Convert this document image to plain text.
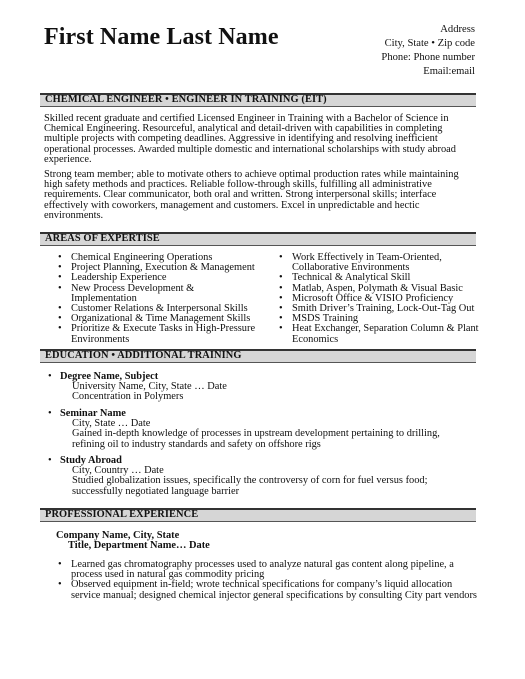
First Name Last Name	Address
City, State • Zip code
Phone: Phone number
Email:email
CHEMICAL ENGINEER • ENGINEER IN TRAINING (EIT)
Skilled recent graduate and certified Licensed Engineer in Training with a Bachelor of Science in
Chemical Engineering. Resourceful, analytical and detail-driven with capabilities in completing
multiple projects with competing deadlines. Aggressive in identifying and resolving inefficient
operational processes. Awarded multiple domestic and international scholarships with study abroad
experience.
Strong team member; able to motivate others to achieve optimal production rates while maintaining
high safety methods and practices. Reliable follow-through skills, fulfilling all administrative
requirements. Clear communicator, both oral and written. Strong interpersonal skills; interface
effectively with coworkers, management and customers. Excel in unpredictable and hectic
environments.
AREAS OF EXPERTISE
• Chemical Engineering Operations
• Project Planning, Execution & Management
• Leadership Experience
• New Process Development &
Implementation
• Customer Relations & Interpersonal Skills
• Organizational & Time Management Skills
• Prioritize & Execute Tasks in High-Pressure
Environments
• Work Effectively in Team-Oriented,
Collaborative Environments
• Technical & Analytical Skill
• Matlab, Aspen, Polymath & Visual Basic
• Microsoft Office & VISIO Proficiency
• Smith Driver’s Training, Lock-Out-Tag Out
• MSDS Training
• Heat Exchanger, Separation Column & Plant
Economics
EDUCATION • ADDITIONAL TRAINING
• Degree Name, Subject
University Name, City, State … Date
Concentration in Polymers
• Seminar Name
City, State … Date
Gained in-depth knowledge of processes in upstream development pertaining to drilling,
refining oil to industry standards and safety on offshore rigs
• Study Abroad
City, Country … Date
Studied globalization issues, specifically the controversy of corn for fuel versus food;
successfully negotiated language barrier
PROFESSIONAL EXPERIENCE
Company Name, City, State
Title, Department Name… Date
• Learned gas chromatography processes used to analyze natural gas content along pipeline, a
process used in natural gas commodity pricing
• Observed equipment in-field; wrote technical specifications for company’s liquid allocation
service manual; designed chemical injector general specifications by consulting City part vendors
